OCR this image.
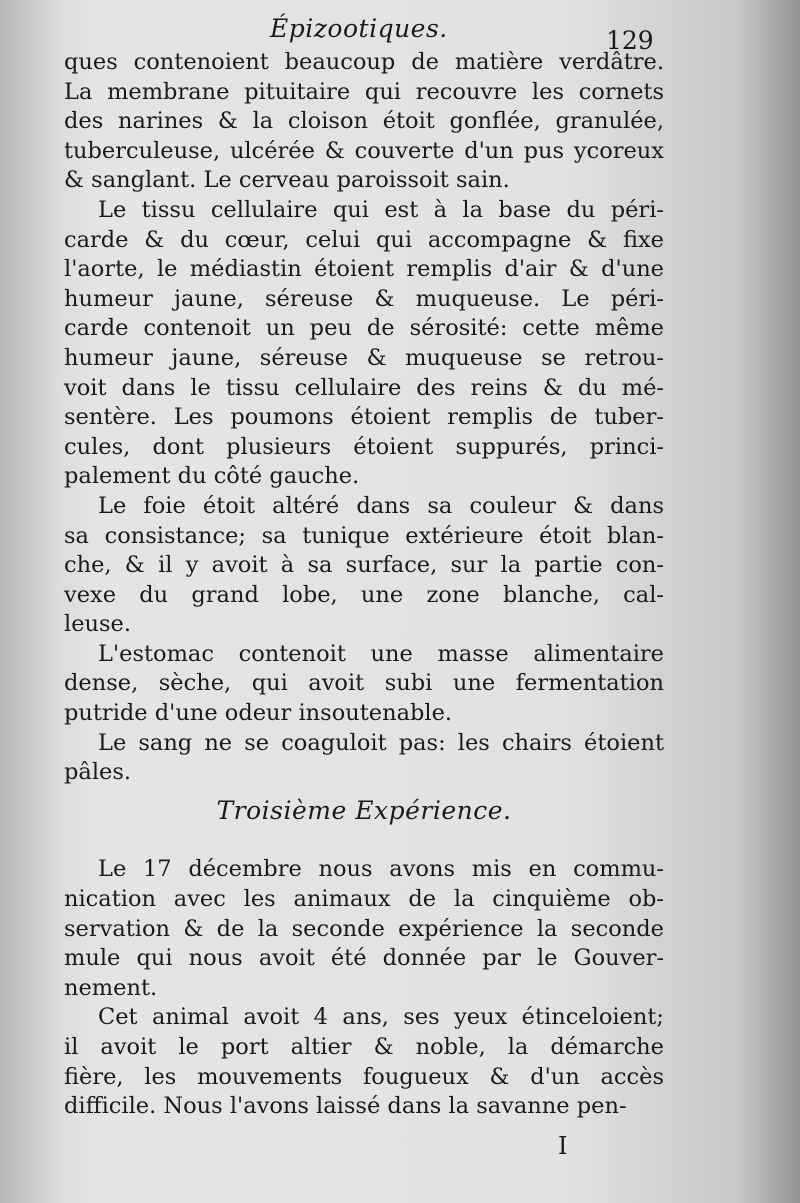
Épizootiques.	129

ques contenoient beaucoup de matière verdâtre.
La membrane pituitaire qui recouvre les cornets
des narines & la cloison étoit gonflée, granulée,
tuberculeuse, ulcérée & couverte d'un pus ycoreux
& sanglant. Le cerveau paroissoit sain.

Le tissu cellulaire qui est à la base du péri-
carde & du cœur, celui qui accompagne & fixe
l'aorte, le médiastin étoient remplis d'air & d'une
humeur jaune, séreuse & muqueuse. Le péri-
carde contenoit un peu de sérosité: cette même
humeur jaune, séreuse & muqueuse se retrou-
voit dans le tissu cellulaire des reins & du mé-
sentère. Les poumons étoient remplis de tuber-
cules, dont plusieurs étoient suppurés, princi-
palement du côté gauche.

Le foie étoit altéré dans sa couleur & dans
sa consistance; sa tunique extérieure étoit blan-
che, & il y avoit à sa surface, sur la partie con-
vexe du grand lobe, une zone blanche, cal-
leuse.

L'estomac contenoit une masse alimentaire
dense, sèche, qui avoit subi une fermentation
putride d'une odeur insoutenable.

Le sang ne se coaguloit pas: les chairs étoient
pâles.

Troisième Expérience.

Le 17 décembre nous avons mis en commu-
nication avec les animaux de la cinquième ob-
servation & de la seconde expérience la seconde
mule qui nous avoit été donnée par le Gouver-
nement.

Cet animal avoit 4 ans, ses yeux étinceloient;
il avoit le port altier & noble, la démarche
fière, les mouvements fougueux & d'un accès
difficile. Nous l'avons laissé dans la savanne pen-

I
